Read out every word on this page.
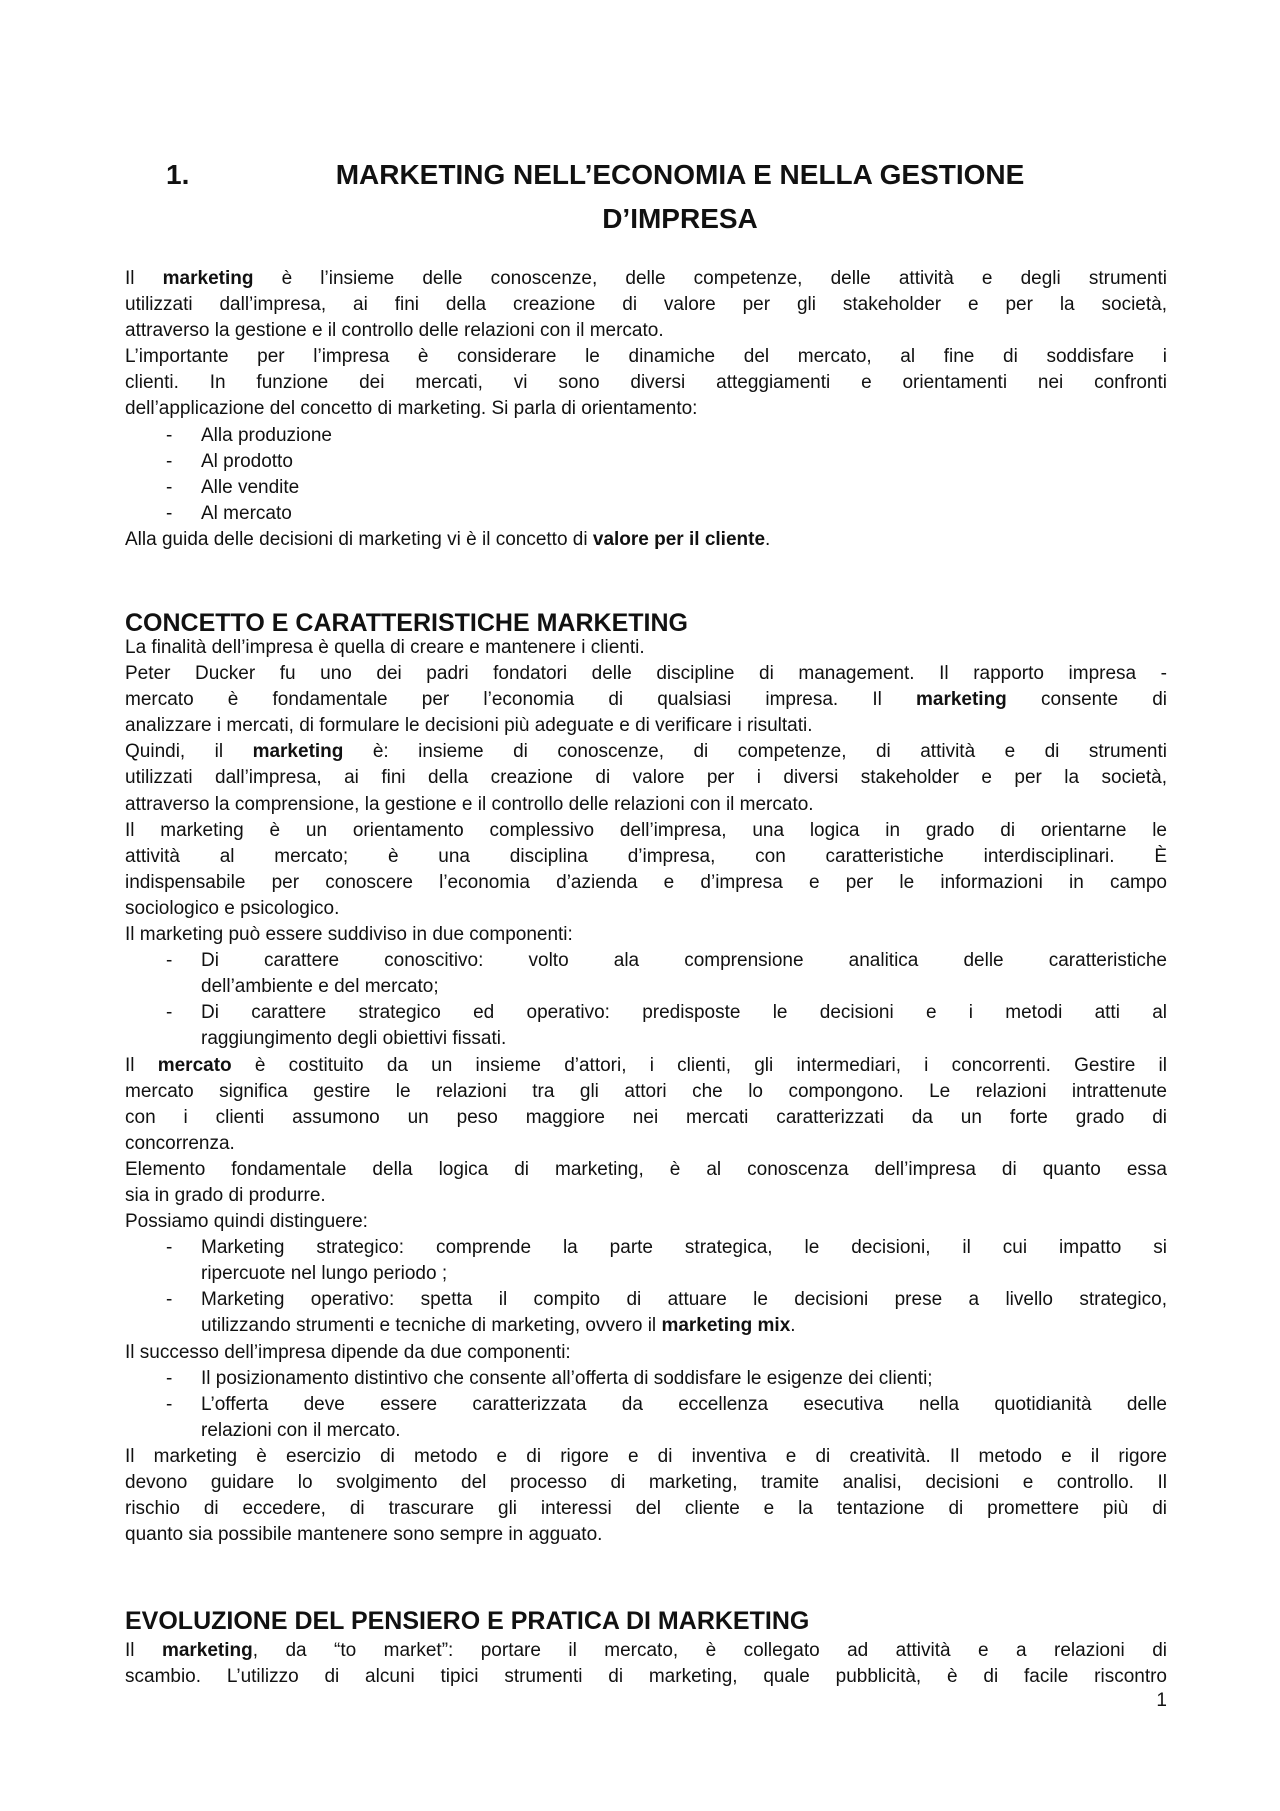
1.	MARKETING NELL’ECONOMIA E NELLA GESTIONE
D’IMPRESA
Il marketing è l’insieme delle conoscenze, delle competenze, delle attività e degli strumenti
utilizzati dall’impresa, ai fini della creazione di valore per gli stakeholder e per la società,
attraverso la gestione e il controllo delle relazioni con il mercato.
L’importante per l’impresa è considerare le dinamiche del mercato, al fine di soddisfare i
clienti. In funzione dei mercati, vi sono diversi atteggiamenti e orientamenti nei confronti
dell’applicazione del concetto di marketing. Si parla di orientamento:
- Alla produzione
- Al prodotto
- Alle vendite
- Al mercato
Alla guida delle decisioni di marketing vi è il concetto di valore per il cliente.
CONCETTO E CARATTERISTICHE MARKETING
La finalità dell’impresa è quella di creare e mantenere i clienti.
Peter Ducker fu uno dei padri fondatori delle discipline di management. Il rapporto impresa -
mercato è fondamentale per l’economia di qualsiasi impresa. Il marketing consente di
analizzare i mercati, di formulare le decisioni più adeguate e di verificare i risultati.
Quindi, il marketing è: insieme di conoscenze, di competenze, di attività e di strumenti
utilizzati dall’impresa, ai fini della creazione di valore per i diversi stakeholder e per la società,
attraverso la comprensione, la gestione e il controllo delle relazioni con il mercato.
Il marketing è un orientamento complessivo dell’impresa, una logica in grado di orientarne le
attività al mercato; è una disciplina d’impresa, con caratteristiche interdisciplinari. È
indispensabile per conoscere l’economia d’azienda e d’impresa e per le informazioni in campo
sociologico e psicologico.
Il marketing può essere suddiviso in due componenti:
- Di carattere conoscitivo: volto ala comprensione analitica delle caratteristiche
dell’ambiente e del mercato;
- Di carattere strategico ed operativo: predisposte le decisioni e i metodi atti al
raggiungimento degli obiettivi fissati.
Il mercato è costituito da un insieme d’attori, i clienti, gli intermediari, i concorrenti. Gestire il
mercato significa gestire le relazioni tra gli attori che lo compongono. Le relazioni intrattenute
con i clienti assumono un peso maggiore nei mercati caratterizzati da un forte grado di
concorrenza.
Elemento fondamentale della logica di marketing, è al conoscenza dell’impresa di quanto essa
sia in grado di produrre.
Possiamo quindi distinguere:
- Marketing strategico: comprende la parte strategica, le decisioni, il cui impatto si
ripercuote nel lungo periodo ;
- Marketing operativo: spetta il compito di attuare le decisioni prese a livello strategico,
utilizzando strumenti e tecniche di marketing, ovvero il marketing mix.
Il successo dell’impresa dipende da due componenti:
- Il posizionamento distintivo che consente all’offerta di soddisfare le esigenze dei clienti;
- L’offerta deve essere caratterizzata da eccellenza esecutiva nella quotidianità delle
relazioni con il mercato.
Il marketing è esercizio di metodo e di rigore e di inventiva e di creatività. Il metodo e il rigore
devono guidare lo svolgimento del processo di marketing, tramite analisi, decisioni e controllo. Il
rischio di eccedere, di trascurare gli interessi del cliente e la tentazione di promettere più di
quanto sia possibile mantenere sono sempre in agguato.
EVOLUZIONE DEL PENSIERO E PRATICA DI MARKETING
Il marketing, da “to market”: portare il mercato, è collegato ad attività e a relazioni di
scambio. L’utilizzo di alcuni tipici strumenti di marketing, quale pubblicità, è di facile riscontro
1
